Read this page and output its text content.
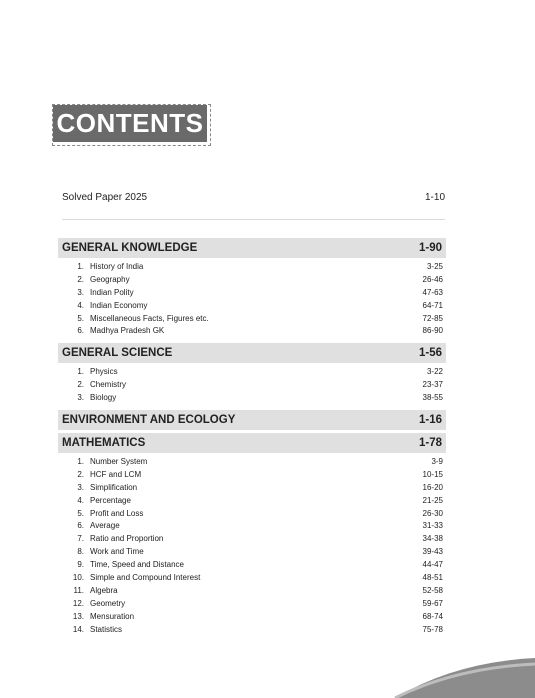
CONTENTS
Solved Paper 2025	1-10
GENERAL KNOWLEDGE	1-90
1. History of India	3-25
2. Geography	26-46
3. Indian Polity	47-63
4. Indian Economy	64-71
5. Miscellaneous Facts, Figures etc.	72-85
6. Madhya Pradesh GK	86-90
GENERAL SCIENCE	1-56
1. Physics	3-22
2. Chemistry	23-37
3. Biology	38-55
ENVIRONMENT AND ECOLOGY	1-16
MATHEMATICS	1-78
1. Number System	3-9
2. HCF and LCM	10-15
3. Simplification	16-20
4. Percentage	21-25
5. Profit and Loss	26-30
6. Average	31-33
7. Ratio and Proportion	34-38
8. Work and Time	39-43
9. Time, Speed and Distance	44-47
10. Simple and Compound Interest	48-51
11. Algebra	52-58
12. Geometry	59-67
13. Mensuration	68-74
14. Statistics	75-78
